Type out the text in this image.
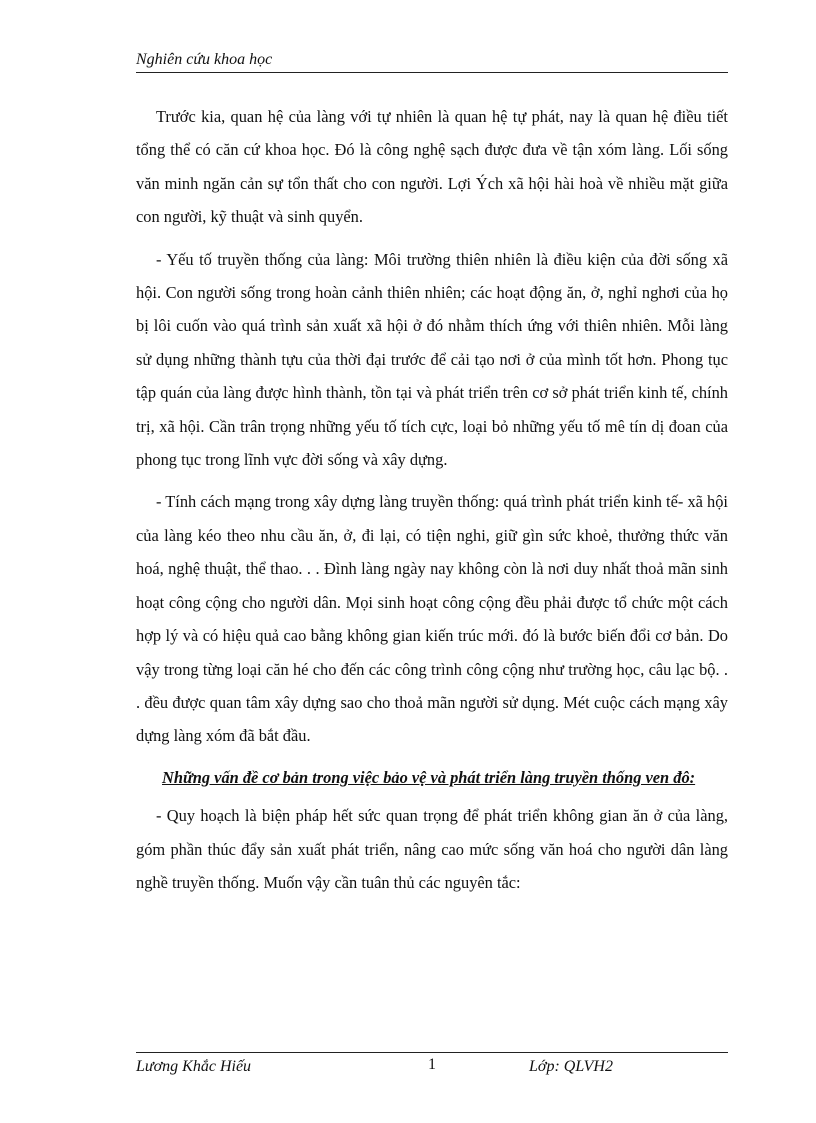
Nghiên cứu khoa học

Trước kia, quan hệ của làng với tự nhiên là quan hệ tự phát, nay là quan hệ điều tiết tổng thể có căn cứ khoa học. Đó là công nghệ sạch được đưa về tận xóm làng. Lối sống văn minh ngăn cản sự tổn thất cho con người. Lợi Ých xã hội hài hoà về nhiều mặt giữa con người, kỹ thuật và sinh quyển.

- Yếu tố truyền thống của làng: Môi trường thiên nhiên là điều kiện của đời sống xã hội. Con người sống trong hoàn cảnh thiên nhiên; các hoạt động ăn, ở, nghỉ nghơi của họ bị lôi cuốn vào quá trình sản xuất xã hội ở đó nhằm thích ứng với thiên nhiên. Mỗi làng sử dụng những thành tựu của thời đại trước để cải tạo nơi ở của mình tốt hơn. Phong tục tập quán của làng được hình thành, tồn tại và phát triển trên cơ sở phát triển kinh tế, chính trị, xã hội. Cần trân trọng những yếu tố tích cực, loại bỏ những yếu tố mê tín dị đoan của phong tục trong lĩnh vực đời sống và xây dựng.

- Tính cách mạng trong xây dựng làng truyền thống: quá trình phát triển kinh tế- xã hội của làng kéo theo nhu cầu ăn, ở, đi lại, có tiện nghi, giữ gìn sức khoẻ, thưởng thức văn hoá, nghệ thuật, thể thao. . . Đình làng ngày nay không còn là nơi duy nhất thoả mãn sinh hoạt công cộng cho người dân. Mọi sinh hoạt công cộng đều phải được tổ chức một cách hợp lý và có hiệu quả cao bằng không gian kiến trúc mới. đó là bước biến đổi cơ bản. Do vậy trong từng loại căn hé cho đến các công trình công cộng như trường học, câu lạc bộ. . . đều được quan tâm xây dựng sao cho thoả mãn người sử dụng. Mét cuộc cách mạng xây dựng làng xóm đã bắt đầu.

Những vấn đề cơ bản trong việc bảo vệ và phát triển làng truyền thống ven đô:

- Quy hoạch là biện pháp hết sức quan trọng để phát triển không gian ăn ở của làng, góm phần thúc đẩy sản xuất phát triển, nâng cao mức sống văn hoá cho người dân làng nghề truyền thống. Muốn vậy cần tuân thủ các nguyên tắc:

Lương Khắc Hiếu	1	Lớp: QLVH2
